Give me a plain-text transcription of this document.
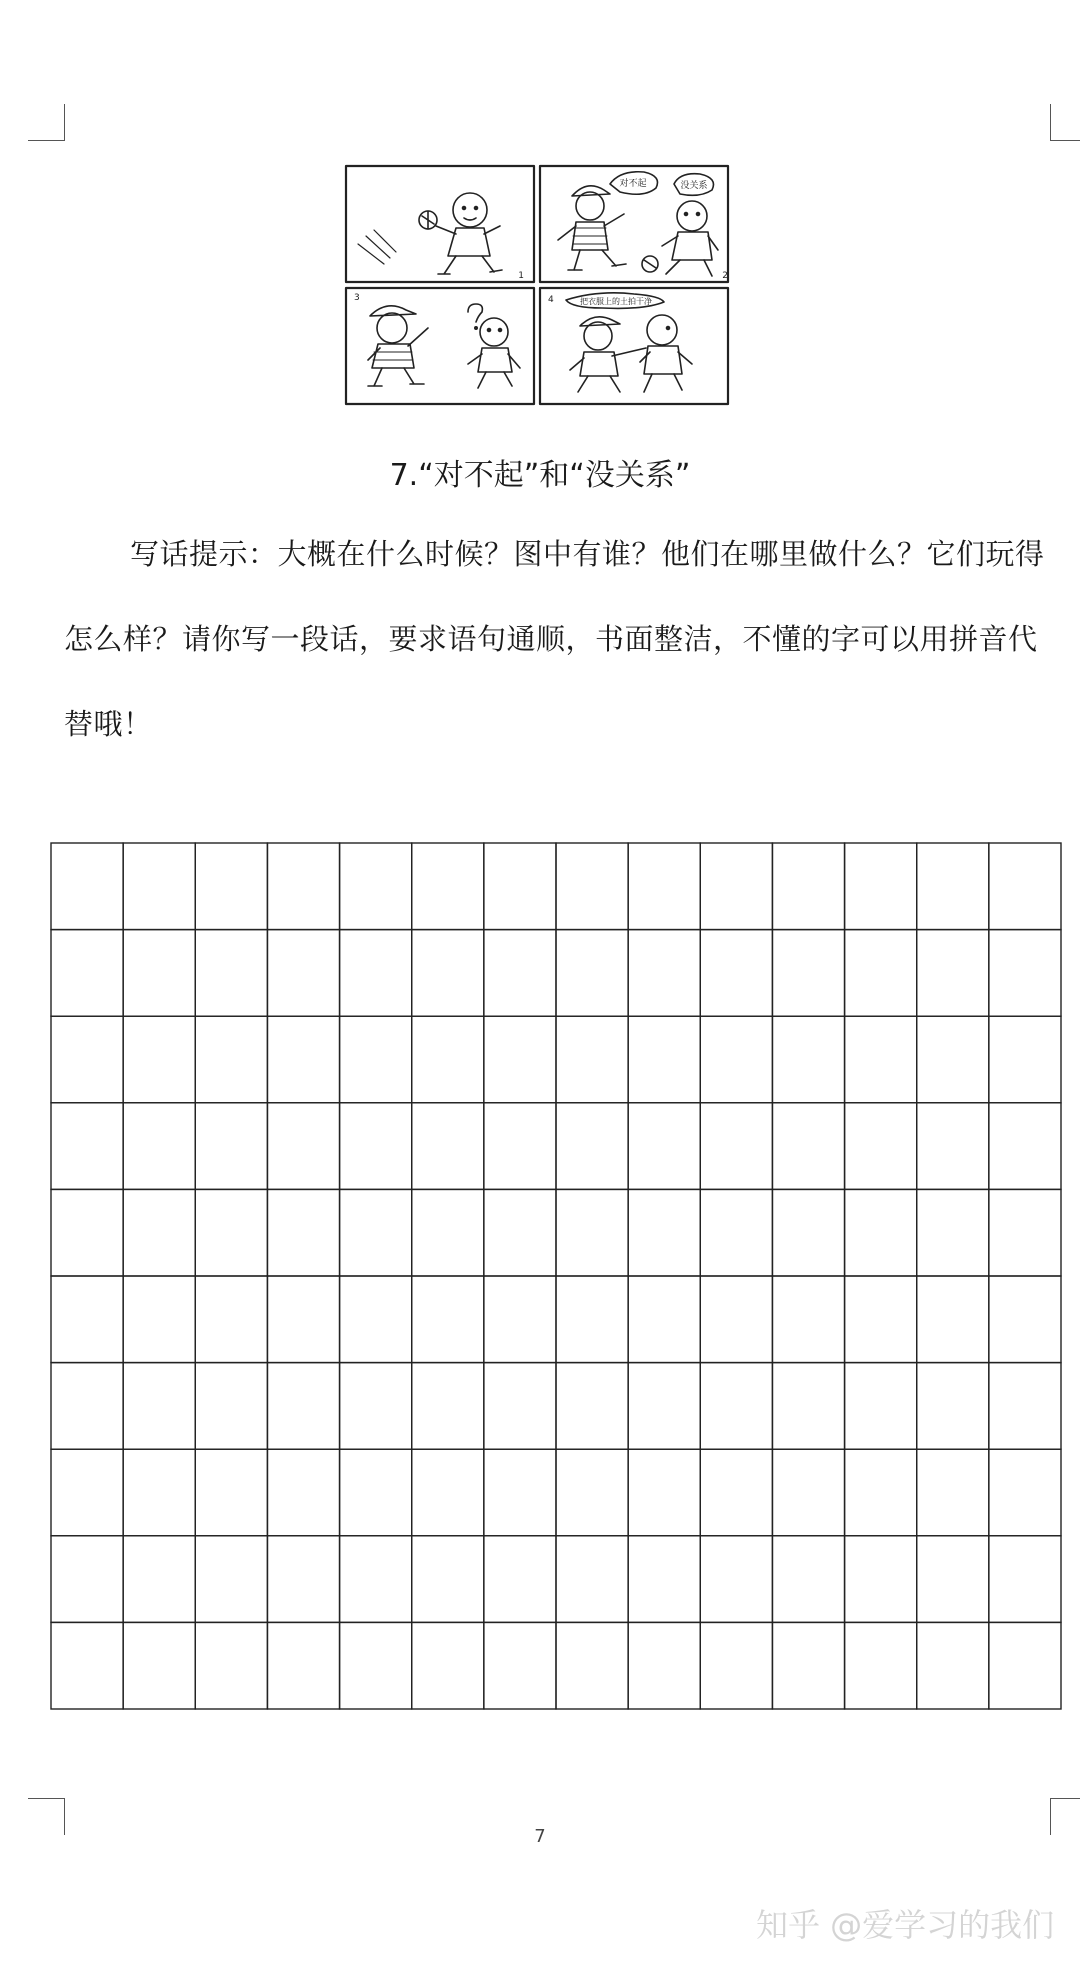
2
1
3	4
对不起	没关系
把衣服上的土拍干净
?
7.“对不起”和“没关系”
写话提示：大概在什么时候？图中有谁？他们在哪里做什么？它们玩得怎么样？请你写一段话，要求语句通顺，书面整洁，不懂的字可以用拼音代替哦！
7
知乎 @爱学习的我们
